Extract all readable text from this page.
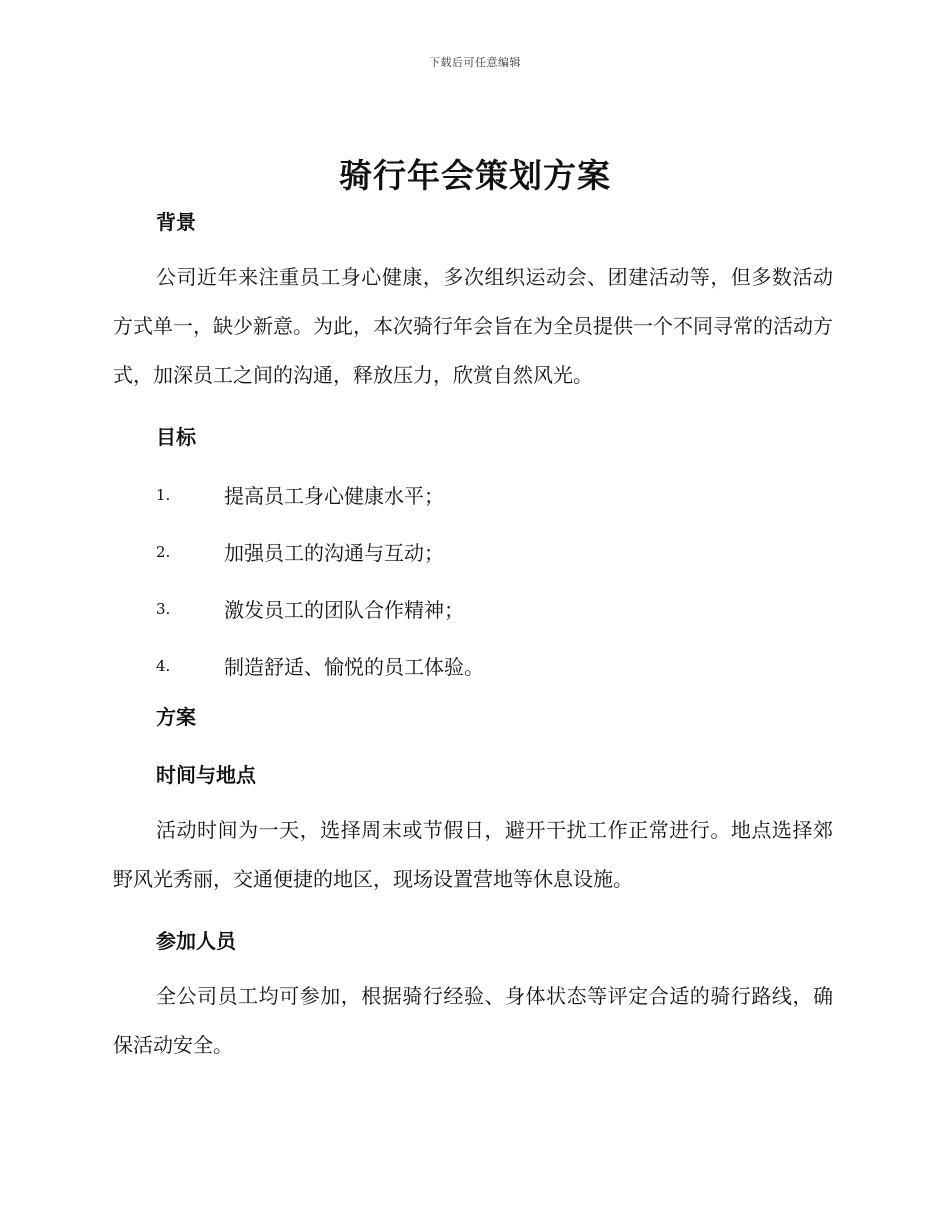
下载后可任意编辑
骑行年会策划方案
背景

公司近年来注重员工身心健康，多次组织运动会、团建活动等，但多数活动方式单一，缺少新意。为此，本次骑行年会旨在为全员提供一个不同寻常的活动方式，加深员工之间的沟通，释放压力，欣赏自然风光。

目标
1.	提高员工身心健康水平；
2.	加强员工的沟通与互动；
3.	激发员工的团队合作精神；
4.	制造舒适、愉悦的员工体验。
方案
时间与地点

活动时间为一天，选择周末或节假日，避开干扰工作正常进行。地点选择郊野风光秀丽，交通便捷的地区，现场设置营地等休息设施。

参加人员

全公司员工均可参加，根据骑行经验、身体状态等评定合适的骑行路线，确保活动安全。
